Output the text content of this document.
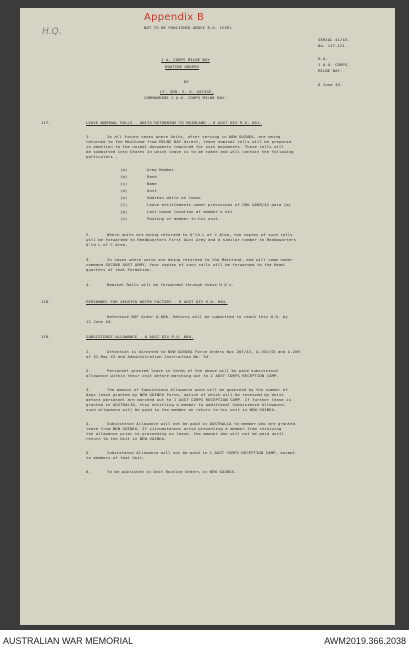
Appendix B
H.Q.	NOT TO BE PUBLISHED ABOVE B.O. LEVEL
SERIAL 41/43.
No. 117-121.
H.Q.
1 A.A. CORPS.
MILNE BAY.
8 June 43.
1 A. CORPS MILNE BAY
ROUTINE ORDERS
BY
LT. GEN. S. G. SAVIGE,
COMMANDING 1 A.A. CORPS MILNE BAY.
117.	LEAVE NOMINAL ROLLS - UNITS RETURNING TO MAINLAND - 8 AUST DIV R.O. 661.
1.	In all future cases where Units, after serving in NEW GUINEA, are being
returned to the Mainland from MILNE BAY direct, leave nominal rolls will be prepared
in addition to the normal documents required for such movements. These rolls will
be submitted into States in which leave is to be taken and will contain the following
particulars -
(a)	Army Number
(b)	Rank
(c)	Name
(d)	Unit
(e)	Address while on leave
(f)	Leave entitlements under provisions of GRO A668/42 para (b)
(g)	Last known location of member's kit
(h)	Posting of member in his unit.
2.	Where units are being returned to Q'ld L of C Area, two copies of such rolls
will be forwarded to Headquarters First Aust Army and a similar number to Headquarters
Q'ld L of C Area.
3.	In cases where units are being returned to the Mainland, and will come under
command SECOND AUST ARMY, four copies of such rolls will be forwarded to the Head-
quarters of that Formation.
4.	Nominal Rolls will be forwarded through these H.Q's.
118.	PERSONNEL FOR AERATED WATER FACTORY - 8 AUST DIV R.O. 684.
Reference NGF Order A.606. Returns will be submitted to reach this H.Q. by
12 June 43.
119.	SUBSISTENCE ALLOWANCE - 8 AUST DIV R.O. 680.
1.	Attention is directed to NEW GUINEA Force Orders Nos 267/43, A.192/43 and A.209
of 31 May 43 and Administration Instruction No. 34.
2.	Personnel granted leave in terms of the above will be paid subsistence
allowance within their unit before marching out to 1 AUST CORPS RECEPTION CAMP.
3.	The amount of Subsistence Allowance paid will be governed by the number of
days leave granted by NEW GUINEA Force, notice of which will be received by Units
before personnel are marched out to 1 AUST CORPS RECEPTION CAMP. If further leave is
granted in AUSTRALIA, thus entitling a member to additional Subsistence Allowance,
such allowance will be paid to the member on return to his unit in NEW GUINEA.
4.	Subsistence Allowance will not be paid in AUSTRALIA to member who are granted
leave from NEW GUINEA. If circumstances arise preventing a member from receiving
the allowance prior to proceeding on leave, the amount due will not be paid until
return to the Unit in NEW GUINEA.
5.	Subsistence Allowance will not be paid to 1 AUST CORPS RECEPTION CAMP, except
to members of that Unit.
6.	To be published in Unit Routine Orders in NEW GUINEA.
AUSTRALIAN WAR MEMORIAL	AWM2019.366.2038
